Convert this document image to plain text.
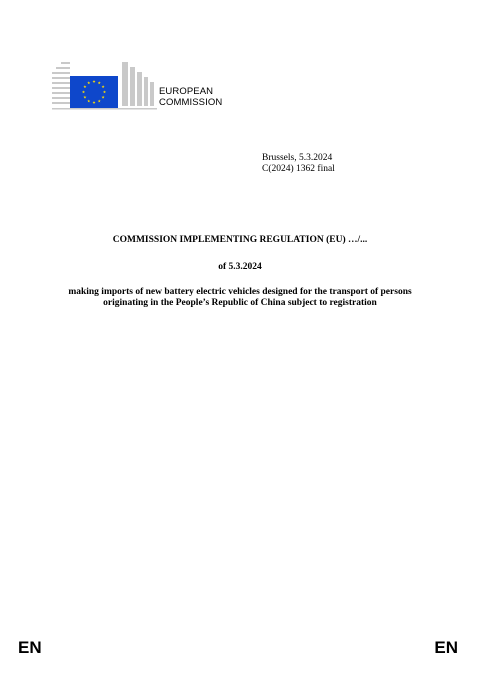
EUROPEAN
COMMISSION
Brussels, 5.3.2024
C(2024) 1362 final
COMMISSION IMPLEMENTING REGULATION (EU) …/...
of 5.3.2024
making imports of new battery electric vehicles designed for the transport of persons
originating in the People’s Republic of China subject to registration
EN	EN
